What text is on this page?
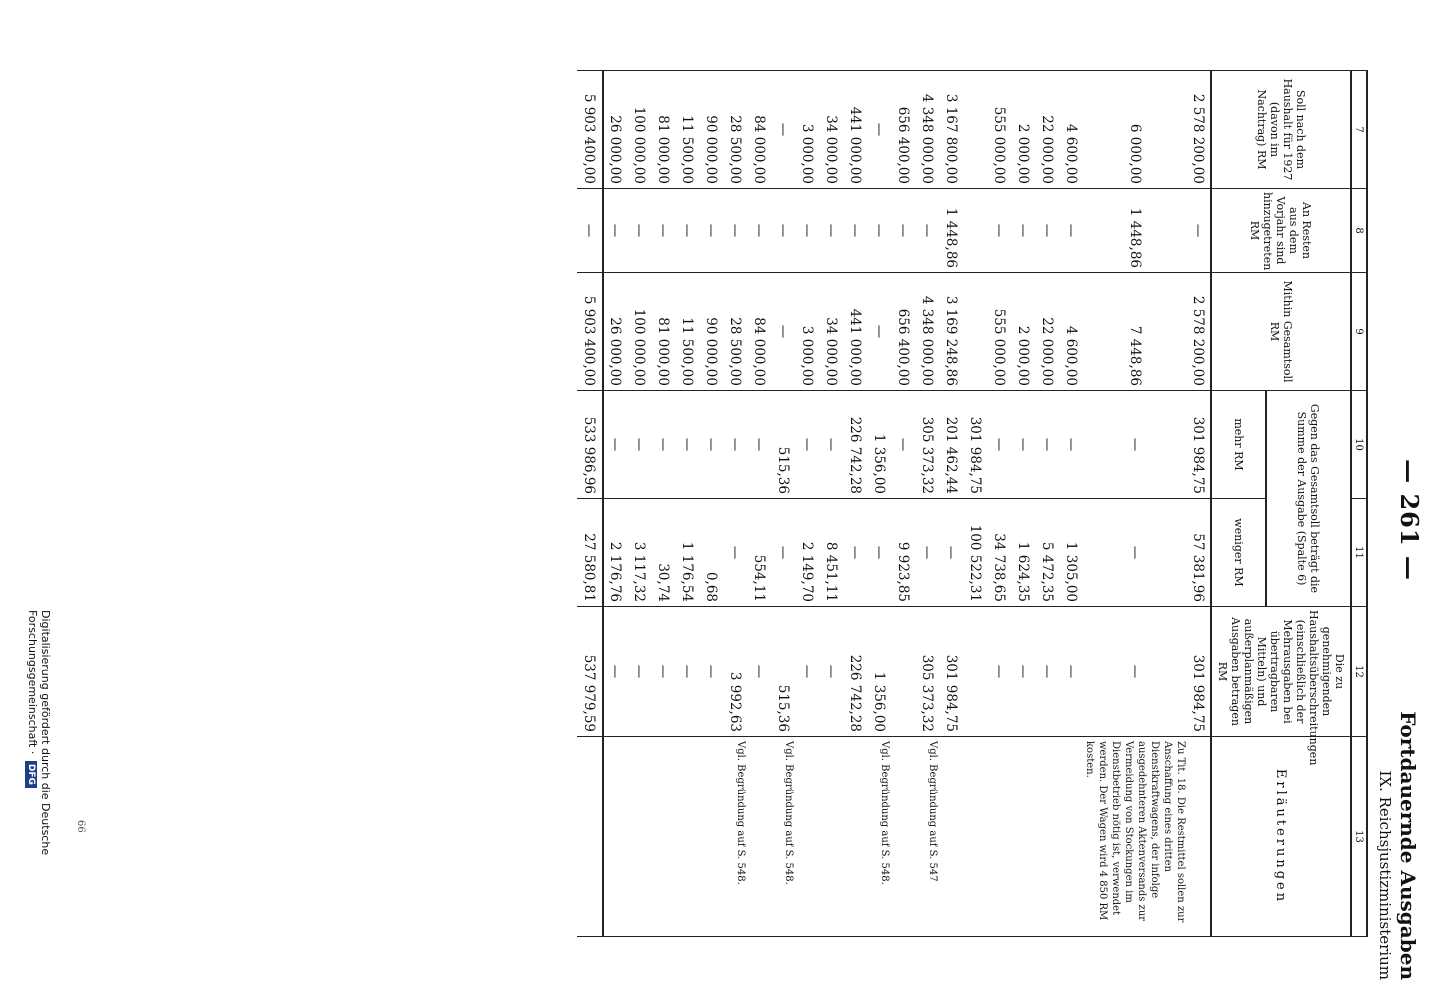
— 261 —
Fortdauernde Ausgaben
IX. Reichsjustizministerium
7	8	9	10	11	12	13
Soll nach dem Haushalt für 1927 (davon im Nachtrag) RM	An Resten aus dem Vorjahr sind hinzugetreten RM	Mithin Gesamtsoll RM	Gegen das Gesamtsoll beträgt die Summe der Ausgabe (Spalte 6)		Die zu genehmigenden Haushaltsüberschreitungen (einschließlich der Mehrausgaben bei übertragbaren Mitteln) und außerplanmäßigen Ausgaben betragen RM	Erläuterungen
			mehr RM	weniger RM		
2 578 200,00	—	2 578 200,00	301 984,75	57 381,96	301 984,75	
6 000,00	1 448,86	7 448,86	—	—	—	Zu Tit. 18. Die Restmittel sollen zur Anschaffung eines dritten Dienstkraftwagens, der infolge ausgedehnteren Aktenversands zur Vermeidung von Stockungen im Dienstbetrieb nötig ist, verwendet werden. Der Wagen wird 4 850 RM kosten.
4 600,00	—	4 600,00	—	1 305,00	—	
22 000,00	—	22 000,00	—	5 472,35	—	
2 000,00	—	2 000,00	—	1 624,35	—	
555 000,00	—	555 000,00	—	34 738,65	—	
			301 984,75	100 522,31		
3 167 800,00	1 448,86	3 169 248,86	201 462,44	—	301 984,75	
4 348 000,00	—	4 348 000,00	305 373,32	—	305 373,32	Vgl. Begründung auf S. 547
656 400,00	—	656 400,00	—	9 923,85		
—	—	—	1 356,00	—	1 356,00	Vgl. Begründung auf S. 548.
441 000,00	—	441 000,00	226 742,28	—	226 742,28	
34 000,00	—	34 000,00	—	8 451,11	—	
3 000,00	—	3 000,00	—	2 149,70	—	
—	—	—	515,36	—	515,36	Vgl. Begründung auf S. 548.
84 000,00	—	84 000,00	—	554,11	—	
28 500,00	—	28 500,00	—	—	3 992,63	Vgl. Begründung auf S. 548.
90 000,00	—	90 000,00	—	0,68	—	
11 500,00	—	11 500,00	—	1 176,54	—	
81 000,00	—	81 000,00	—	30,74	—	
100 000,00	—	100 000,00	—	3 117,32	—	
26 000,00	—	26 000,00	—	2 176,76	—	
5 903 400,00	—	5 903 400,00	533 986,96	27 580,81	537 979,59	
66
Digitalisierung gefördert durch die Deutsche Forschungsgemeinschaft · DFG
